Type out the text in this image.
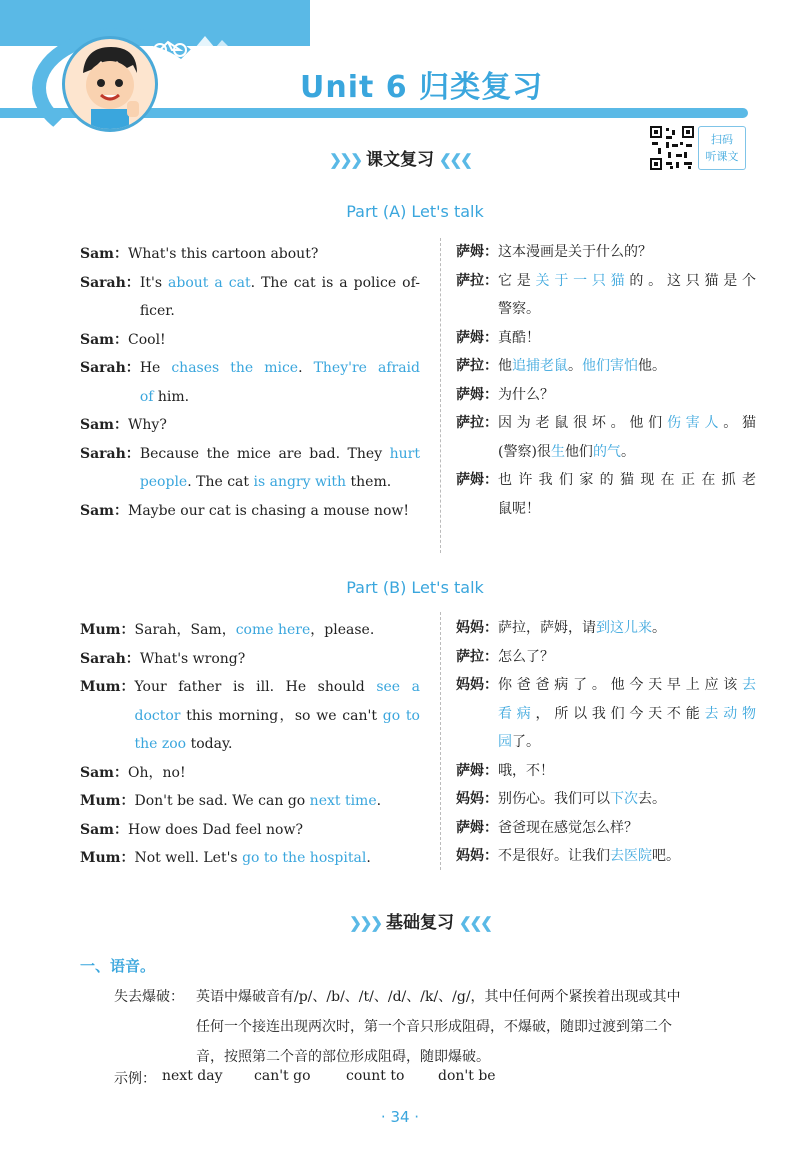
Unit 6 归类复习
❯❯❯ 课文复习 ❮❮❮
扫码
听课文
Part (A) Let's talk
Sam： What's this cartoon about?
Sarah： It's about a cat. The cat is a police of-
ficer.
Sam： Cool!
Sarah： He chases the mice. They're afraid
of him.
Sam： Why?
Sarah： Because the mice are bad. They hurt
people. The cat is angry with them.
Sam： Maybe our cat is chasing a mouse now!
萨姆： 这本漫画是关于什么的？
萨拉： 它是关于一只猫的。这只猫是个
警察。
萨姆： 真酷！
萨拉： 他追捕老鼠。他们害怕他。
萨姆： 为什么？
萨拉： 因为老鼠很坏。他们伤害人。猫
(警察)很生他们的气。
萨姆： 也许我们家的猫现在正在抓老
鼠呢！
Part (B) Let's talk
Mum： Sarah，Sam，come here，please.
Sarah： What's wrong?
Mum： Your father is ill. He should see a
doctor this morning，so we can't go to
the zoo today.
Sam： Oh，no!
Mum： Don't be sad. We can go next time.
Sam： How does Dad feel now?
Mum： Not well. Let's go to the hospital.
妈妈： 萨拉，萨姆，请到这儿来。
萨拉： 怎么了？
妈妈： 你爸爸病了。他今天早上应该去
看病，所以我们今天不能去动物
园了。
萨姆： 哦，不！
妈妈： 别伤心。我们可以下次去。
萨姆： 爸爸现在感觉怎么样？
妈妈： 不是很好。让我们去医院吧。
❯❯❯ 基础复习 ❮❮❮
一、语音。
失去爆破： 英语中爆破音有/p/、/b/、/t/、/d/、/k/、/g/，其中任何两个紧挨着出现或其中
任何一个接连出现两次时，第一个音只形成阻碍，不爆破，随即过渡到第二个
音，按照第二个音的部位形成阻碍，随即爆破。
示例： next day can't go	count to don't be
· 34 ·
